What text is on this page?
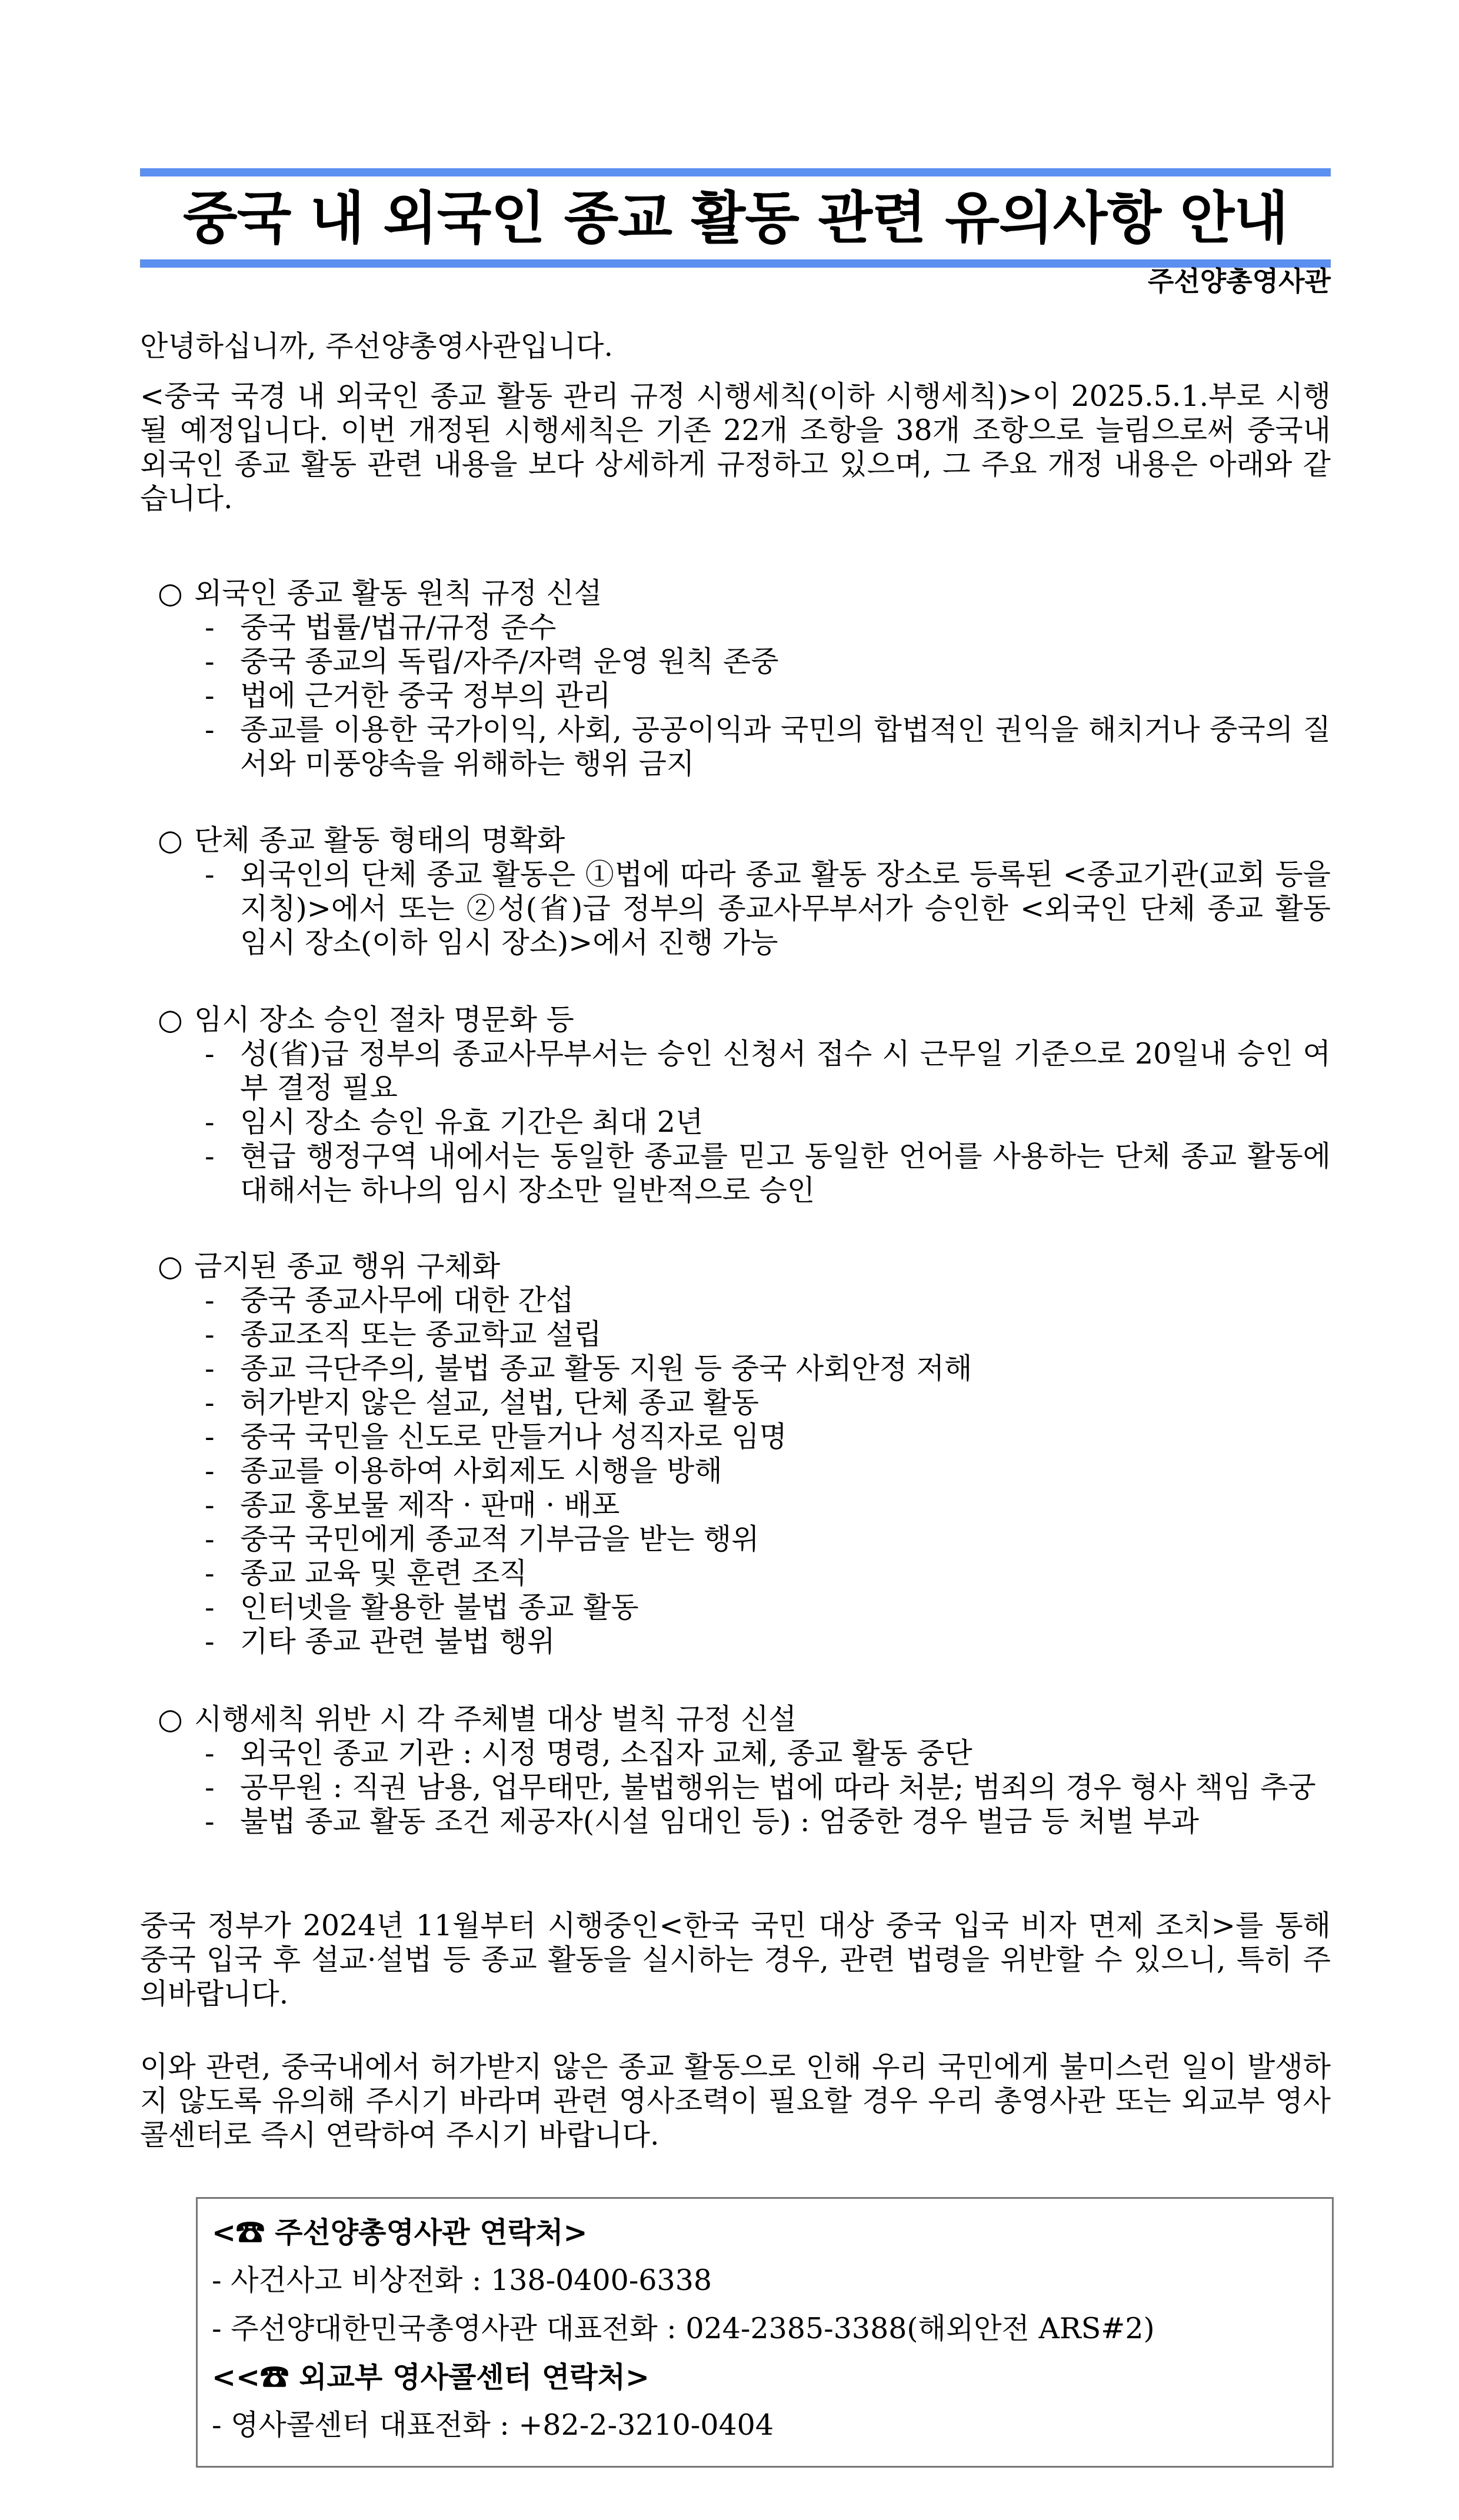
중국 내 외국인 종교 활동 관련 유의사항 안내
주선양총영사관
안녕하십니까, 주선양총영사관입니다.
<중국 국경 내 외국인 종교 활동 관리 규정 시행세칙(이하 시행세칙)>이 2025.5.1.부로 시행될 예정입니다. 이번 개정된 시행세칙은 기존 22개 조항을 38개 조항으로 늘림으로써 중국내 외국인 종교 활동 관련 내용을 보다 상세하게 규정하고 있으며, 그 주요 개정 내용은 아래와 같습니다.
○ 외국인 종교 활동 원칙 규정 신설
- 중국 법률/법규/규정 준수
- 중국 종교의 독립/자주/자력 운영 원칙 존중
- 법에 근거한 중국 정부의 관리
- 종교를 이용한 국가이익, 사회, 공공이익과 국민의 합법적인 권익을 해치거나 중국의 질서와 미풍양속을 위해하는 행위 금지
○ 단체 종교 활동 형태의 명확화
- 외국인의 단체 종교 활동은 ①법에 따라 종교 활동 장소로 등록된 <종교기관(교회 등을 지칭)>에서 또는 ②성(省)급 정부의 종교사무부서가 승인한 <외국인 단체 종교 활동 임시 장소(이하 임시 장소)>에서 진행 가능
○ 임시 장소 승인 절차 명문화 등
- 성(省)급 정부의 종교사무부서는 승인 신청서 접수 시 근무일 기준으로 20일내 승인 여부 결정 필요
- 임시 장소 승인 유효 기간은 최대 2년
- 현급 행정구역 내에서는 동일한 종교를 믿고 동일한 언어를 사용하는 단체 종교 활동에 대해서는 하나의 임시 장소만 일반적으로 승인
○ 금지된 종교 행위 구체화
- 중국 종교사무에 대한 간섭
- 종교조직 또는 종교학교 설립
- 종교 극단주의, 불법 종교 활동 지원 등 중국 사회안정 저해
- 허가받지 않은 설교, 설법, 단체 종교 활동
- 중국 국민을 신도로 만들거나 성직자로 임명
- 종교를 이용하여 사회제도 시행을 방해
- 종교 홍보물 제작 · 판매 · 배포
- 중국 국민에게 종교적 기부금을 받는 행위
- 종교 교육 및 훈련 조직
- 인터넷을 활용한 불법 종교 활동
- 기타 종교 관련 불법 행위
○ 시행세칙 위반 시 각 주체별 대상 벌칙 규정 신설
- 외국인 종교 기관 : 시정 명령, 소집자 교체, 종교 활동 중단
- 공무원 : 직권 남용, 업무태만, 불법행위는 법에 따라 처분; 범죄의 경우 형사 책임 추궁
- 불법 종교 활동 조건 제공자(시설 임대인 등) : 엄중한 경우 벌금 등 처벌 부과
중국 정부가 2024년 11월부터 시행중인<한국 국민 대상 중국 입국 비자 면제 조치>를 통해 중국 입국 후 설교·설법 등 종교 활동을 실시하는 경우, 관련 법령을 위반할 수 있으니, 특히 주의바랍니다.
이와 관련, 중국내에서 허가받지 않은 종교 활동으로 인해 우리 국민에게 불미스런 일이 발생하지 않도록 유의해 주시기 바라며 관련 영사조력이 필요할 경우 우리 총영사관 또는 외교부 영사콜센터로 즉시 연락하여 주시기 바랍니다.
<☎ 주선양총영사관 연락처>
- 사건사고 비상전화 : 138-0400-6338
- 주선양대한민국총영사관 대표전화 : 024-2385-3388(해외안전 ARS#2)
<<☎ 외교부 영사콜센터 연락처>
- 영사콜센터 대표전화 : +82-2-3210-0404
